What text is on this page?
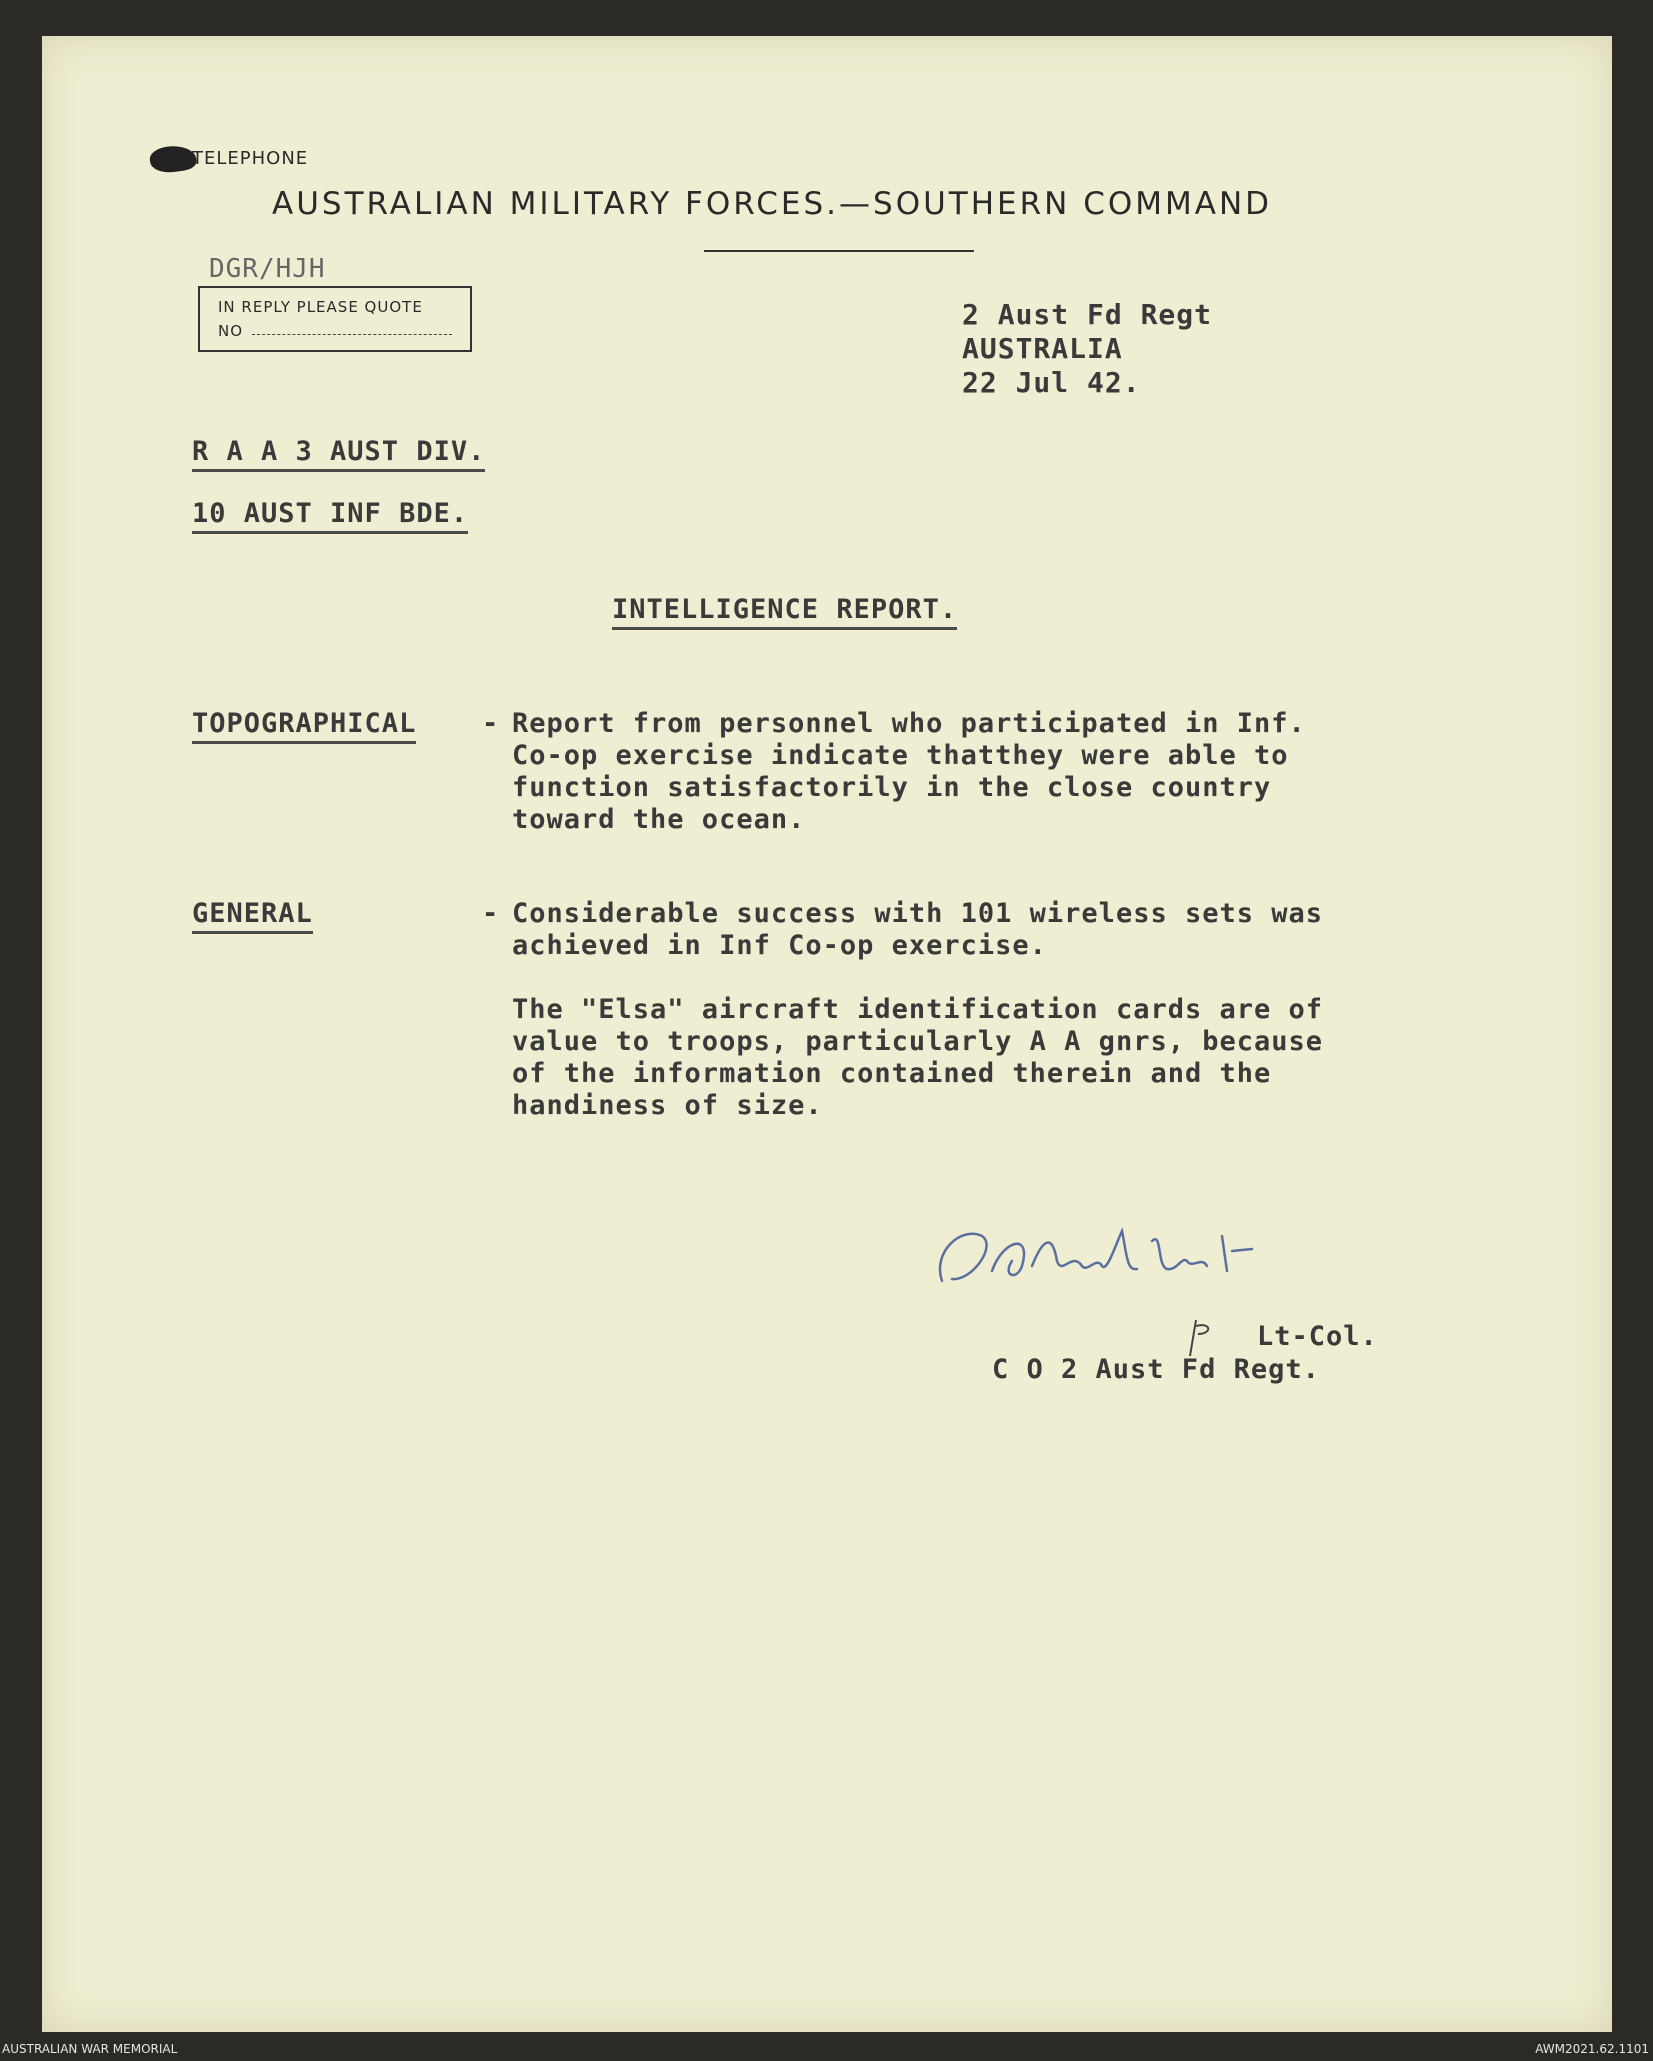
TELEPHONE
AUSTRALIAN MILITARY FORCES.—SOUTHERN COMMAND
DGR/HJH
IN REPLY PLEASE QUOTE
NO	2 Aust Fd Regt
AUSTRALIA
22 Jul 42.
R A A 3 AUST DIV.
10 AUST INF BDE.
INTELLIGENCE REPORT.
TOPOGRAPHICAL - Report from personnel who participated in Inf.
Co-op exercise indicate thatthey were able to
function satisfactorily in the close country
toward the ocean.
GENERAL	- Considerable success with 101 wireless sets was
achieved in Inf Co-op exercise.
The "Elsa" aircraft identification cards are of
value to troops, particularly A A gnrs, because
of the information contained therein and the
handiness of size.
Lt-Col.
C O 2 Aust Fd Regt.
AUSTRALIAN WAR MEMORIAL	AWM2021.62.1101
